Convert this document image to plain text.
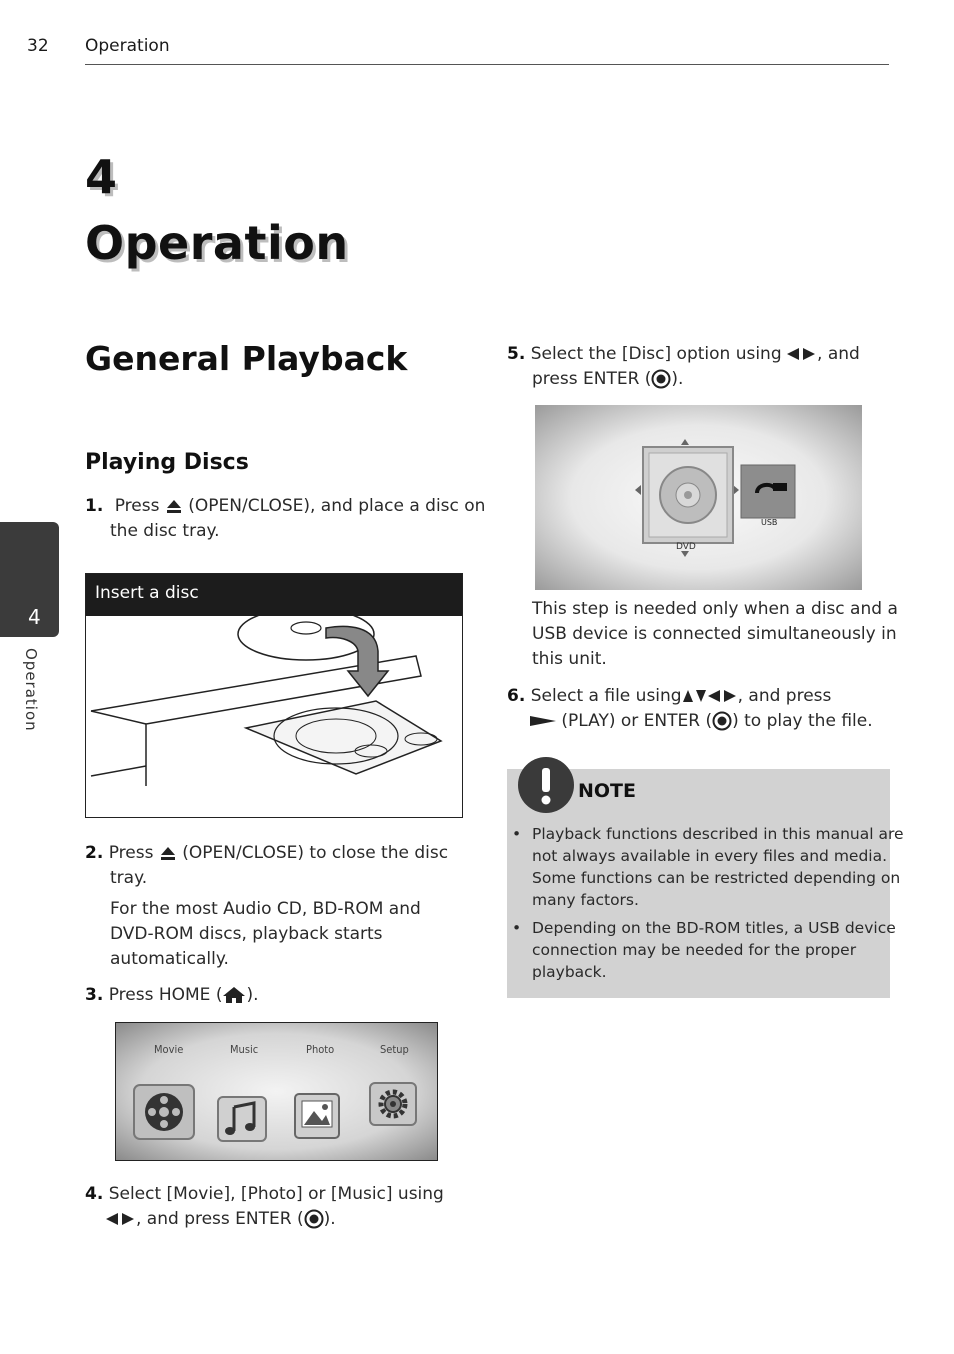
32 Operation
4
Operation
4
Operation
General Playback
Playing Discs
1. Press (OPEN/CLOSE), and place a disc on
the disc tray.
Insert a disc
2. Press (OPEN/CLOSE) to close the disc
tray.
For the most Audio CD, BD-ROM and
DVD-ROM discs, playback starts
automatically.
3. Press HOME ( ).
Movie	Music	Photo	Setup
4. Select [Movie], [Photo] or [Music] using
, and press ENTER ( ).
5. Select the [Disc] option using , and
press ENTER ( ).
DVD
USB
This step is needed only when a disc and a
USB device is connected simultaneously in
this unit.
6. Select a file using	, and press
(PLAY) or ENTER ( ) to play the file.
NOTE
• Playback functions described in this manual are
not always available in every files and media.
Some functions can be restricted depending on
many factors.
• Depending on the BD-ROM titles, a USB device
connection may be needed for the proper
playback.
